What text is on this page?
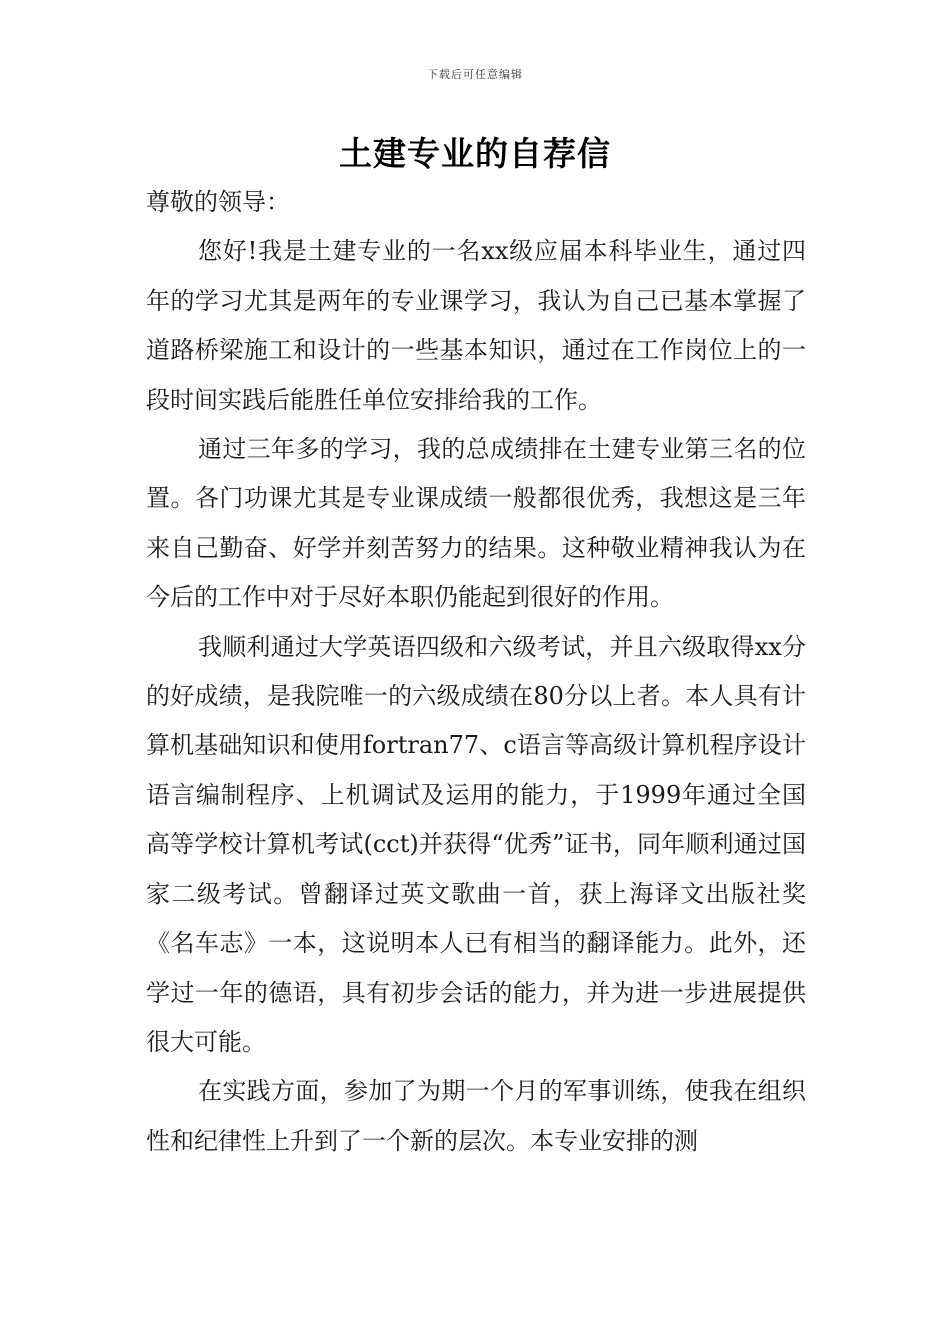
下载后可任意编辑
土建专业的自荐信

尊敬的领导：

您好!我是土建专业的一名xx级应届本科毕业生，通过四年的学习尤其是两年的专业课学习，我认为自己已基本掌握了道路桥梁施工和设计的一些基本知识，通过在工作岗位上的一段时间实践后能胜任单位安排给我的工作。

通过三年多的学习，我的总成绩排在土建专业第三名的位置。各门功课尤其是专业课成绩一般都很优秀，我想这是三年来自己勤奋、好学并刻苦努力的结果。这种敬业精神我认为在今后的工作中对于尽好本职仍能起到很好的作用。

我顺利通过大学英语四级和六级考试，并且六级取得xx分的好成绩，是我院唯一的六级成绩在80分以上者。本人具有计算机基础知识和使用fortran77、c语言等高级计算机程序设计语言编制程序、上机调试及运用的能力，于1999年通过全国高等学校计算机考试(cct)并获得“优秀”证书，同年顺利通过国家二级考试。曾翻译过英文歌曲一首，获上海译文出版社奖《名车志》一本，这说明本人已有相当的翻译能力。此外，还学过一年的德语，具有初步会话的能力，并为进一步进展提供很大可能。

在实践方面，参加了为期一个月的军事训练，使我在组织性和纪律性上升到了一个新的层次。本专业安排的测
